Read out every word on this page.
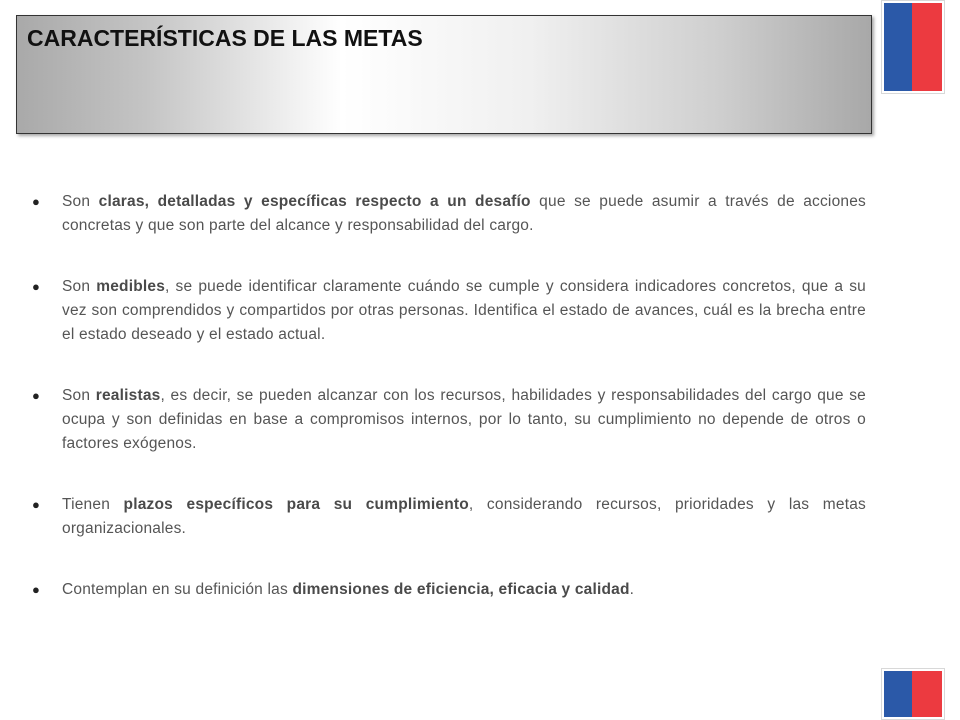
CARACTERÍSTICAS DE LAS METAS
● Son claras, detalladas y específicas respecto a un desafío que se puede asumir a través de acciones concretas y que son parte del alcance y responsabilidad del cargo.
● Son medibles, se puede identificar claramente cuándo se cumple y considera indicadores concretos, que a su vez son comprendidos y compartidos por otras personas. Identifica el estado de avances, cuál es la brecha entre el estado deseado y el estado actual.
● Son realistas, es decir, se pueden alcanzar con los recursos, habilidades y responsabilidades del cargo que se ocupa y son definidas en base a compromisos internos, por lo tanto, su cumplimiento no depende de otros o factores exógenos.
● Tienen plazos específicos para su cumplimiento, considerando recursos, prioridades y las metas organizacionales.
● Contemplan en su definición las dimensiones de eficiencia, eficacia y calidad.
